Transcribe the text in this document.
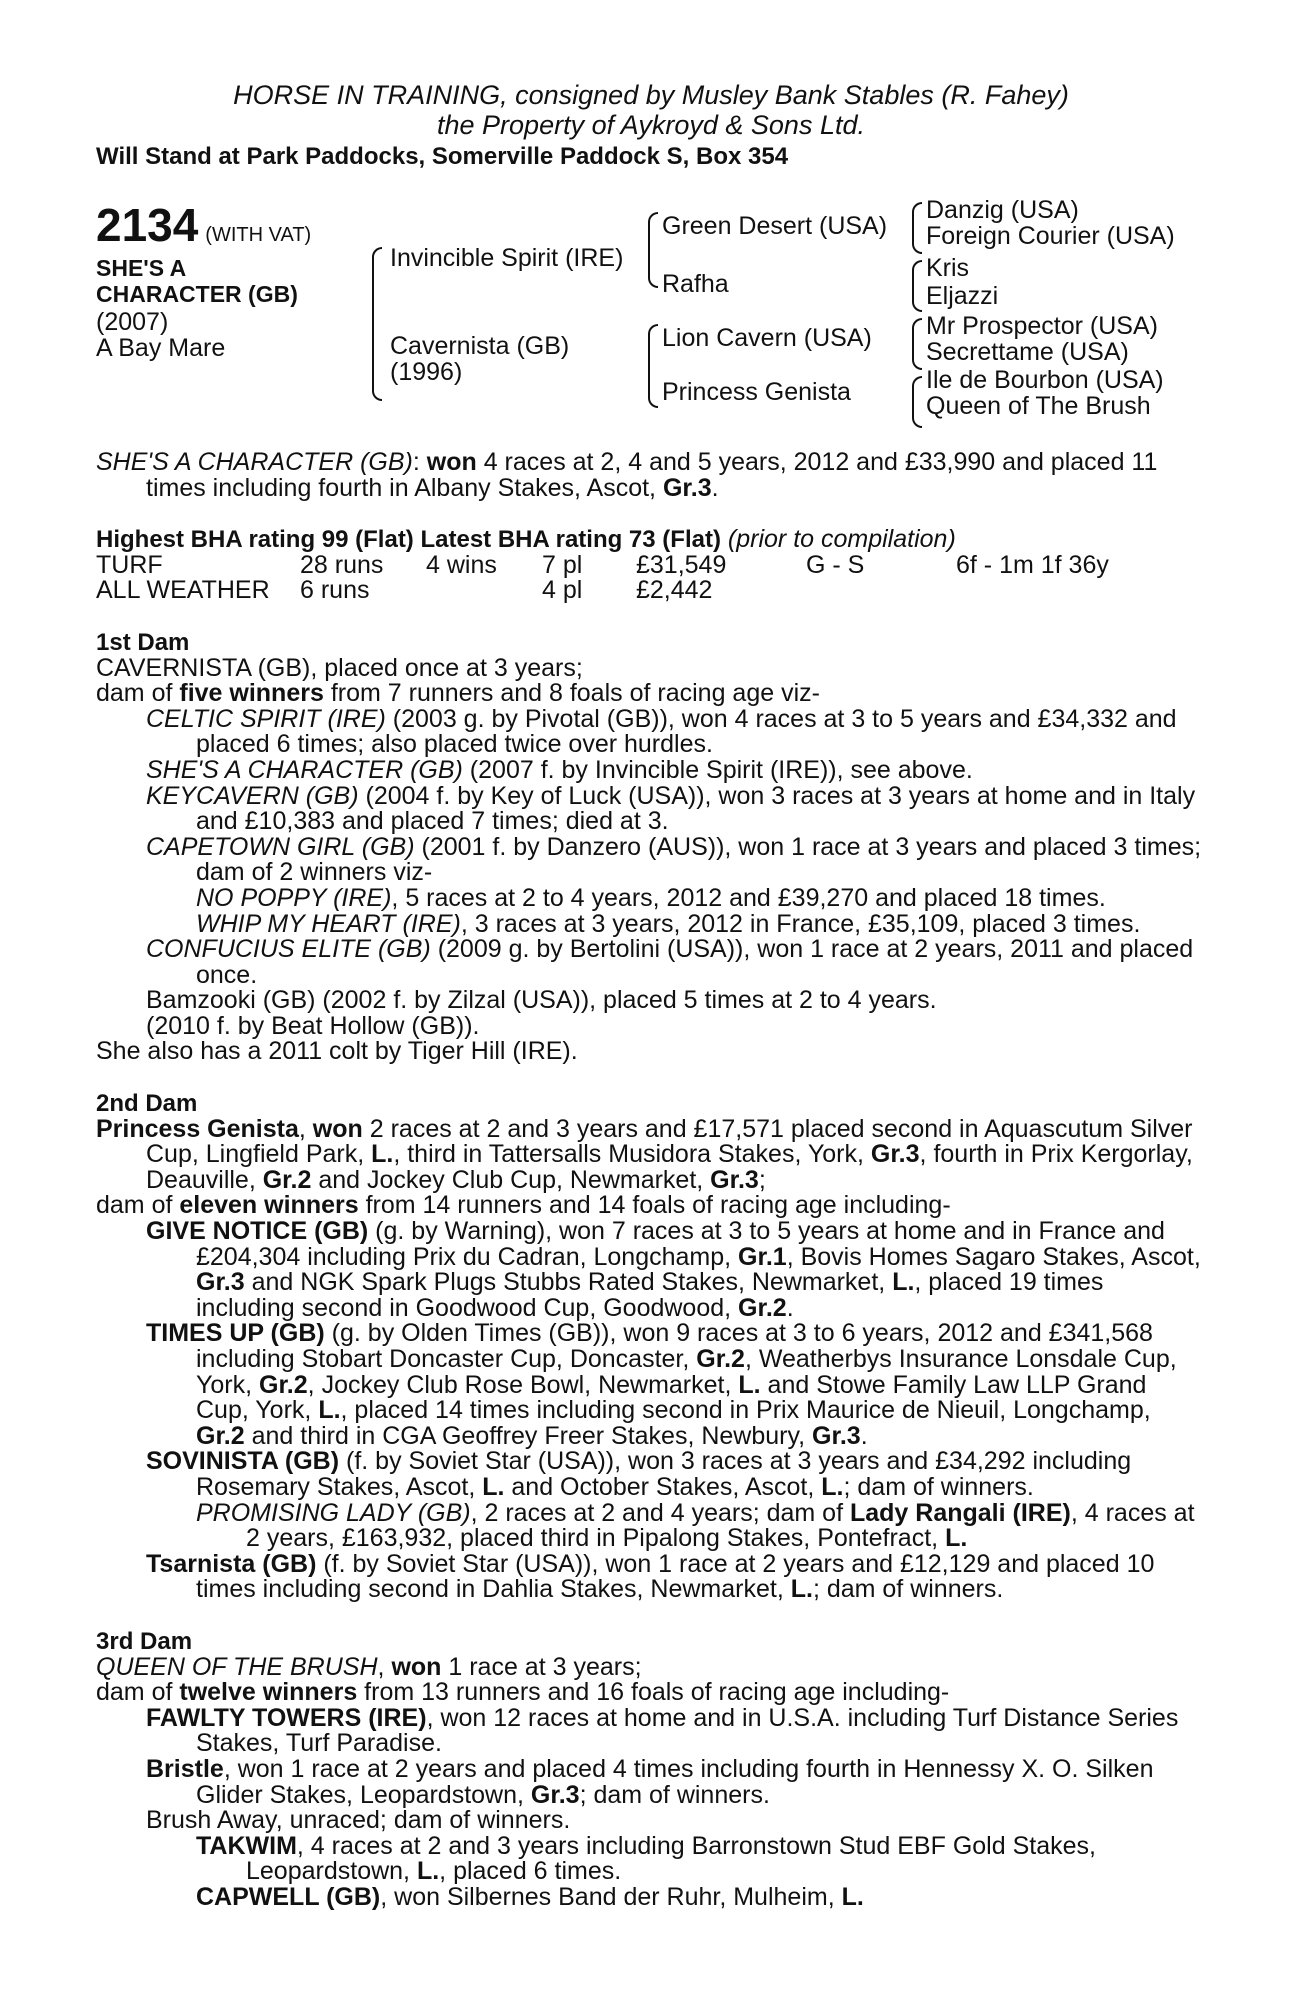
HORSE IN TRAINING, consigned by Musley Bank Stables (R. Fahey)

the Property of Aykroyd & Sons Ltd.

Will Stand at Park Paddocks, Somerville Paddock S, Box 354

2134 (WITH VAT)
SHE'S A
CHARACTER (GB)
(2007)
A Bay Mare
Invincible Spirit (IRE)
Cavernista (GB)
(1996)
Green Desert (USA)
Rafha
Lion Cavern (USA)
Princess Genista
Danzig (USA)
Foreign Courier (USA)
Kris
Eljazzi
Mr Prospector (USA)
Secrettame (USA)
Ile de Bourbon (USA)
Queen of The Brush

SHE'S A CHARACTER (GB): won 4 races at 2, 4 and 5 years, 2012 and £33,990 and placed 11 times including fourth in Albany Stakes, Ascot, Gr.3.

Highest BHA rating 99 (Flat) Latest BHA rating 73 (Flat) (prior to compilation)

TURF	28 runs	4 wins	7 pl	£31,549	G - S	6f - 1m 1f 36y
ALL WEATHER	6 runs		4 pl	£2,442		

1st Dam

CAVERNISTA (GB), placed once at 3 years;

dam of five winners from 7 runners and 8 foals of racing age viz-

CELTIC SPIRIT (IRE) (2003 g. by Pivotal (GB)), won 4 races at 3 to 5 years and £34,332 and placed 6 times; also placed twice over hurdles.

SHE'S A CHARACTER (GB) (2007 f. by Invincible Spirit (IRE)), see above.

KEYCAVERN (GB) (2004 f. by Key of Luck (USA)), won 3 races at 3 years at home and in Italy and £10,383 and placed 7 times; died at 3.

CAPETOWN GIRL (GB) (2001 f. by Danzero (AUS)), won 1 race at 3 years and placed 3 times; dam of 2 winners viz-

NO POPPY (IRE), 5 races at 2 to 4 years, 2012 and £39,270 and placed 18 times.

WHIP MY HEART (IRE), 3 races at 3 years, 2012 in France, £35,109, placed 3 times.

CONFUCIUS ELITE (GB) (2009 g. by Bertolini (USA)), won 1 race at 2 years, 2011 and placed once.

Bamzooki (GB) (2002 f. by Zilzal (USA)), placed 5 times at 2 to 4 years.

(2010 f. by Beat Hollow (GB)).

She also has a 2011 colt by Tiger Hill (IRE).

2nd Dam

Princess Genista, won 2 races at 2 and 3 years and £17,571 placed second in Aquascutum Silver Cup, Lingfield Park, L., third in Tattersalls Musidora Stakes, York, Gr.3, fourth in Prix Kergorlay, Deauville, Gr.2 and Jockey Club Cup, Newmarket, Gr.3;

dam of eleven winners from 14 runners and 14 foals of racing age including-

GIVE NOTICE (GB) (g. by Warning), won 7 races at 3 to 5 years at home and in France and £204,304 including Prix du Cadran, Longchamp, Gr.1, Bovis Homes Sagaro Stakes, Ascot, Gr.3 and NGK Spark Plugs Stubbs Rated Stakes, Newmarket, L., placed 19 times including second in Goodwood Cup, Goodwood, Gr.2.

TIMES UP (GB) (g. by Olden Times (GB)), won 9 races at 3 to 6 years, 2012 and £341,568 including Stobart Doncaster Cup, Doncaster, Gr.2, Weatherbys Insurance Lonsdale Cup, York, Gr.2, Jockey Club Rose Bowl, Newmarket, L. and Stowe Family Law LLP Grand Cup, York, L., placed 14 times including second in Prix Maurice de Nieuil, Longchamp, Gr.2 and third in CGA Geoffrey Freer Stakes, Newbury, Gr.3.

SOVINISTA (GB) (f. by Soviet Star (USA)), won 3 races at 3 years and £34,292 including Rosemary Stakes, Ascot, L. and October Stakes, Ascot, L.; dam of winners.

PROMISING LADY (GB), 2 races at 2 and 4 years; dam of Lady Rangali (IRE), 4 races at 2 years, £163,932, placed third in Pipalong Stakes, Pontefract, L.

Tsarnista (GB) (f. by Soviet Star (USA)), won 1 race at 2 years and £12,129 and placed 10 times including second in Dahlia Stakes, Newmarket, L.; dam of winners.

3rd Dam

QUEEN OF THE BRUSH, won 1 race at 3 years;

dam of twelve winners from 13 runners and 16 foals of racing age including-

FAWLTY TOWERS (IRE), won 12 races at home and in U.S.A. including Turf Distance Series Stakes, Turf Paradise.

Bristle, won 1 race at 2 years and placed 4 times including fourth in Hennessy X. O. Silken Glider Stakes, Leopardstown, Gr.3; dam of winners.

Brush Away, unraced; dam of winners.

TAKWIM, 4 races at 2 and 3 years including Barronstown Stud EBF Gold Stakes, Leopardstown, L., placed 6 times.

CAPWELL (GB), won Silbernes Band der Ruhr, Mulheim, L.
